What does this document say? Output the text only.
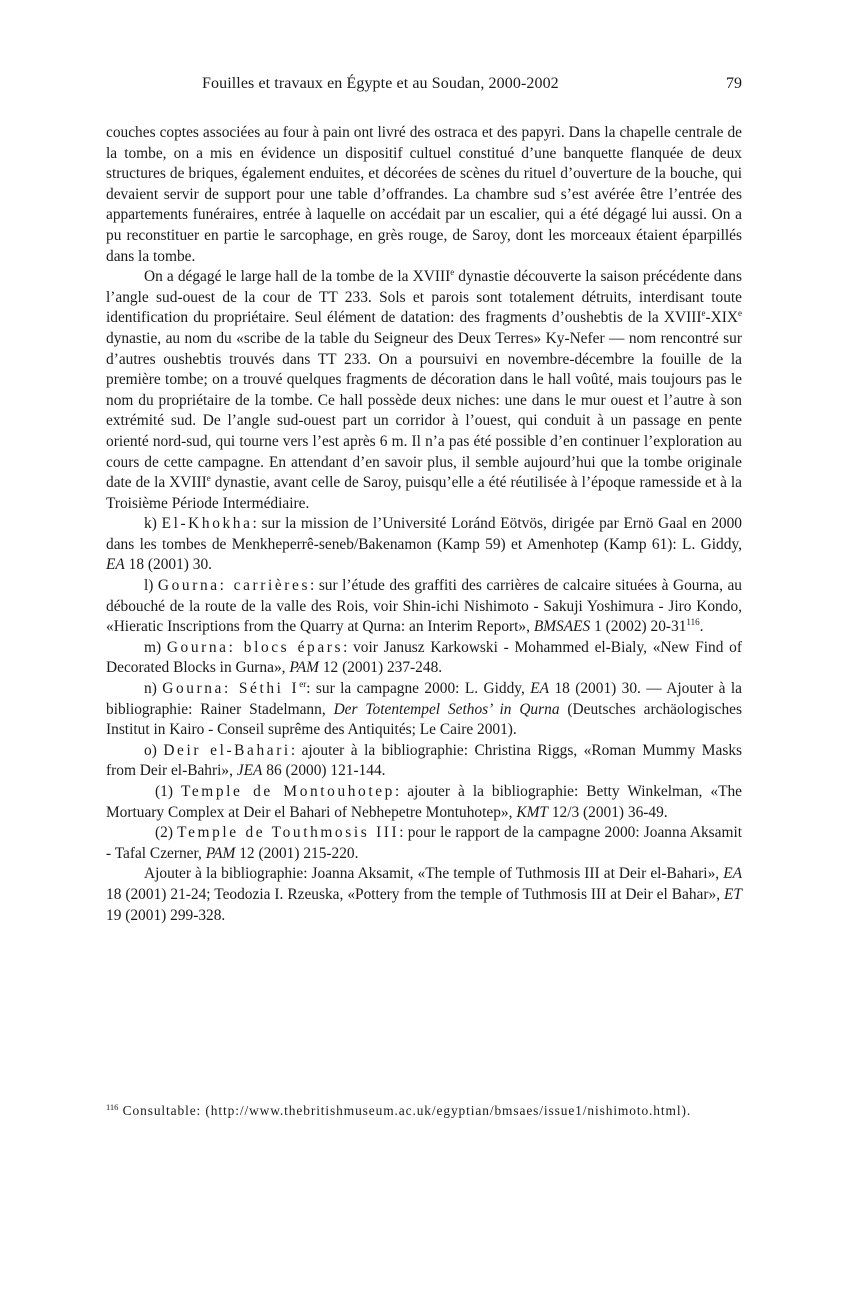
Fouilles et travaux en Égypte et au Soudan, 2000-2002	79

couches coptes associées au four à pain ont livré des ostraca et des papyri. Dans la chapelle centrale de la tombe, on a mis en évidence un dispositif cultuel constitué d’une banquette flanquée de deux structures de briques, également enduites, et décorées de scènes du rituel d’ouverture de la bouche, qui devaient servir de support pour une table d’offrandes. La chambre sud s’est avérée être l’entrée des appartements funéraires, entrée à laquelle on accédait par un escalier, qui a été dégagé lui aussi. On a pu reconstituer en partie le sarcophage, en grès rouge, de Saroy, dont les morceaux étaient éparpillés dans la tombe.

On a dégagé le large hall de la tombe de la XVIIIe dynastie découverte la saison précédente dans l’angle sud-ouest de la cour de TT 233. Sols et parois sont totalement détruits, interdisant toute identification du propriétaire. Seul élément de datation: des fragments d’oushebtis de la XVIIIe-XIXe dynastie, au nom du «scribe de la table du Seigneur des Deux Terres» Ky-Nefer — nom rencontré sur d’autres oushebtis trouvés dans TT 233. On a poursuivi en novembre-décembre la fouille de la première tombe; on a trouvé quelques fragments de décoration dans le hall voûté, mais toujours pas le nom du propriétaire de la tombe. Ce hall possède deux niches: une dans le mur ouest et l’autre à son extrémité sud. De l’angle sud-ouest part un corridor à l’ouest, qui conduit à un passage en pente orienté nord-sud, qui tourne vers l’est après 6 m. Il n’a pas été possible d’en continuer l’exploration au cours de cette campagne. En attendant d’en savoir plus, il semble aujourd’hui que la tombe originale date de la XVIIIe dynastie, avant celle de Saroy, puisqu’elle a été réutilisée à l’époque ramesside et à la Troisième Période Intermédiaire.

k) El-Khokha: sur la mission de l’Université Loránd Eötvös, dirigée par Ernö Gaal en 2000 dans les tombes de Menkheperrê-seneb/Bakenamon (Kamp 59) et Amenhotep (Kamp 61): L. Giddy, EA 18 (2001) 30.

l) Gourna: carrières: sur l’étude des graffiti des carrières de calcaire situées à Gourna, au débouché de la route de la valle des Rois, voir Shin-ichi Nishimoto - Sakuji Yoshimura - Jiro Kondo, «Hieratic Inscriptions from the Quarry at Qurna: an Interim Report», BMSAES 1 (2002) $20-31^{116}$.

m) Gourna: blocs épars: voir Janusz Karkowski - Mohammed el-Bialy, «New Find of Decorated Blocks in Gurna», PAM 12 (2001) 237-248.

n) Gourna: Séthi Ier: sur la campagne 2000: L. Giddy, EA 18 (2001) 30. — Ajouter à la bibliographie: Rainer Stadelmann, Der Totentempel Sethos’ in Qurna (Deutsches archäologisches Institut in Kairo - Conseil suprême des Antiquités; Le Caire 2001).

o) Deir el-Bahari: ajouter à la bibliographie: Christina Riggs, «Roman Mummy Masks from Deir el-Bahri», JEA 86 (2000) 121-144.

(1) Temple de Montouhotep: ajouter à la bibliographie: Betty Winkelman, «The Mortuary Complex at Deir el Bahari of Nebhepetre Montuhotep», KMT 12/3 (2001) 36-49.

(2) Temple de Touthmosis III: pour le rapport de la campagne 2000: Joanna Aksamit - Tafal Czerner, PAM 12 (2001) 215-220.

Ajouter à la bibliographie: Joanna Aksamit, «The temple of Tuthmosis III at Deir el-Bahari», EA 18 (2001) 21-24; Teodozia I. Rzeuska, «Pottery from the temple of Tuthmosis III at Deir el Bahar», ET 19 (2001) 299-328.

$^{116}$ Consultable: (http://www.thebritishmuseum.ac.uk/egyptian/bmsaes/issue1/nishimoto.html).
